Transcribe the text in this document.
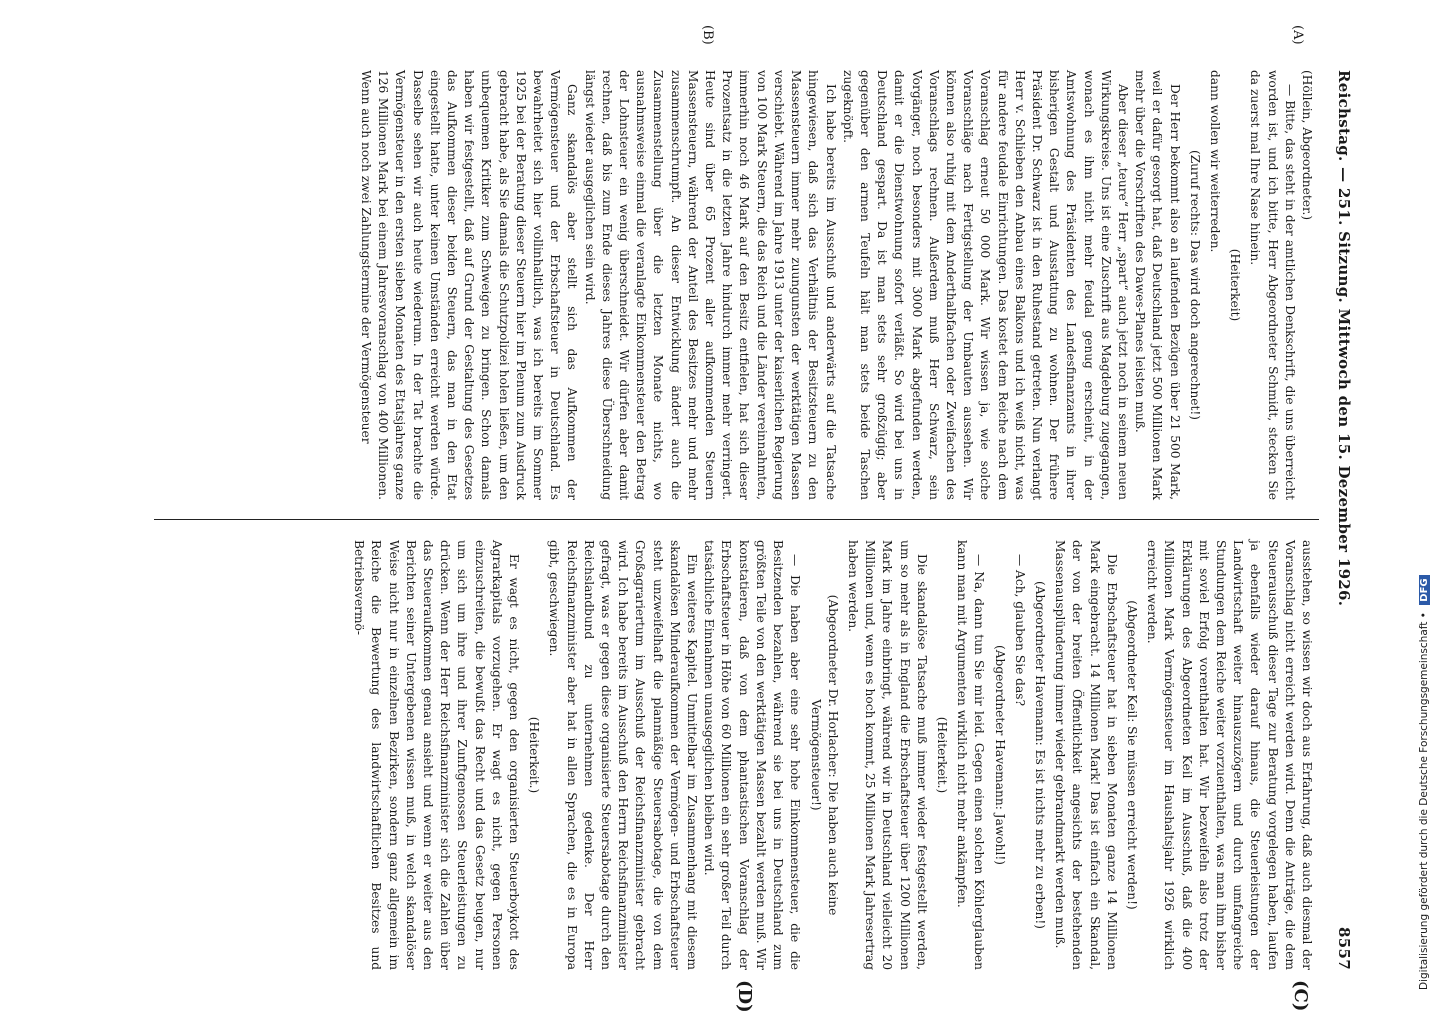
Reichstag. — 251. Sitzung. Mittwoch den 15. Dezember 1926.
8557
(A)
(B)
(C)
(D)

(Höllein, Abgeordneter.)

— Bitte, das steht in der amtlichen Denkschrift, die uns überreicht worden ist, und ich bitte, Herr Abgeordneter Schmidt, stecken Sie da zuerst mal Ihre Nase hinein.

(Heiterkeit)

dann wollen wir weiterreden.

(Zuruf rechts: Das wird doch angerechnet!)

Der Herr bekommt also an laufenden Bezügen über 21 500 Mark, weil er dafür gesorgt hat, daß Deutschland jetzt 500 Millionen Mark mehr über die Vorschriften des Dawes-Planes leisten muß.

Aber dieser „teure“ Herr „spart“ auch jetzt noch in seinem neuen Wirkungskreise. Uns ist eine Zuschrift aus Magdeburg zugegangen, wonach es ihm nicht mehr feudal genug erscheint, in der Amtswohnung des Präsidenten des Landesfinanzamts in ihrer bisherigen Gestalt und Ausstattung zu wohnen. Der frühere Präsident Dr. Schwarz ist in den Ruhestand getreten. Nun verlangt Herr v. Schlieben den Anbau eines Balkons und ich weiß nicht, was für andere feudale Einrichtungen. Das kostet dem Reiche nach dem Voranschlag erneut 50 000 Mark. Wir wissen ja, wie solche Voranschläge nach Fertigstellung der Umbauten aussehen. Wir können also ruhig mit dem Anderthalbfachen oder Zweifachen des Voranschlags rechnen. Außerdem muß Herr Schwarz, sein Vorgänger, noch besonders mit 3000 Mark abgefunden werden, damit er die Dienstwohnung sofort verläßt. So wird bei uns in Deutschland gespart. Da ist man stets sehr großzügig; aber gegenüber den armen Teufeln hält man stets beide Taschen zugeknöpft.

Ich habe bereits im Ausschuß und anderwärts auf die Tatsache hingewiesen, daß sich das Verhältnis der Besitzsteuern zu den Massensteuern immer mehr zuungunsten der werktätigen Massen verschiebt. Während im Jahre 1913 unter der kaiserlichen Regierung von 100 Mark Steuern, die das Reich und die Länder vereinnahmten, immerhin noch 46 Mark auf den Besitz entfielen, hat sich dieser Prozentsatz in die letzten Jahre hindurch immer mehr verringert. Heute sind über 65 Prozent aller aufkommenden Steuern Massensteuern, während der Anteil des Besitzes mehr und mehr zusammenschrumpft. An dieser Entwicklung ändert auch die Zusammenstellung über die letzten Monate nichts, wo ausnahmsweise einmal die veranlagte Einkommensteuer den Betrag der Lohnsteuer ein wenig überschneidet. Wir dürfen aber damit rechnen, daß bis zum Ende dieses Jahres diese Überschneidung längst wieder ausgeglichen sein wird.

Ganz skandalös aber stellt sich das Aufkommen der Vermögensteuer und der Erbschaftsteuer in Deutschland. Es bewahrheitet sich hier vollinhaltlich, was ich bereits im Sommer 1925 bei der Beratung dieser Steuern hier im Plenum zum Ausdruck gebracht habe, als Sie damals die Schutzpolizei holen ließen, um den unbequemen Kritiker zum Schweigen zu bringen. Schon damals haben wir festgestellt, daß auf Grund der Gestaltung des Gesetzes das Aufkommen dieser beiden Steuern, das man in den Etat eingestellt hatte, unter keinen Umständen erreicht werden würde. Dasselbe sehen wir auch heute wiederum. In der Tat brachte die Vermögensteuer in den ersten sieben Monaten des Etatsjahres ganze 126 Millionen Mark bei einem Jahresvoranschlag von 400 Millionen. Wenn auch noch zwei Zahlungstermine der Vermögensteuer

ausstehen, so wissen wir doch aus Erfahrung, daß auch diesmal der Voranschlag nicht erreicht werden wird. Denn die Anträge, die dem Steuerausschuß dieser Tage zur Beratung vorgelegen haben, laufen ja ebenfalls wieder darauf hinaus, die Steuerleistungen der Landwirtschaft weiter hinauszuzögern und durch umfangreiche Stundungen dem Reiche weiter vorzuenthalten, was man ihm bisher mit soviel Erfolg vorenthalten hat. Wir bezweifeln also trotz der Erklärungen des Abgeordneten Keil im Ausschuß, daß die 400 Millionen Mark Vermögensteuer im Haushaltsjahr 1926 wirklich erreicht werden.

(Abgeordneter Keil: Sie müssen erreicht werden!)

Die Erbschaftsteuer hat in sieben Monaten ganze 14 Millionen Mark eingebracht. 14 Millionen Mark! Das ist einfach ein Skandal, der von der breiten Öffentlichkeit angesichts der bestehenden Massenausplünderung immer wieder gebrandmarkt werden muß.

(Abgeordneter Havemann: Es ist nichts mehr zu erben!)

— Ach, glauben Sie das?

(Abgeordneter Havemann: Jawohl!)

— Na, dann tun Sie mir leid. Gegen einen solchen Köhlerglauben kann man mit Argumenten wirklich nicht mehr ankämpfen.

(Heiterkeit.)

Die skandalöse Tatsache muß immer wieder festgestellt werden, um so mehr als in England die Erbschaftsteuer über 1200 Millionen Mark im Jahre einbringt, während wir in Deutschland vielleicht 20 Millionen und, wenn es hoch kommt, 25 Millionen Mark Jahresertrag haben werden.

(Abgeordneter Dr. Horlacher: Die haben auch keine Vermögensteuer!)

— Die haben aber eine sehr hohe Einkommensteuer, die die Besitzenden bezahlen, während sie bei uns in Deutschland zum größten Teile von den werktätigen Massen bezahlt werden muß. Wir konstatieren, daß von dem phantastischen Voranschlag der Erbschaftsteuer in Höhe von 60 Millionen ein sehr großer Teil durch tatsächliche Einnahmen unausgeglichen bleiben wird.

Ein weiteres Kapitel. Unmittelbar im Zusammenhang mit diesem skandalösen Minderaufkommen der Vermögen- und Erbschaftsteuer steht unzweifelhaft die planmäßige Steuersabotage, die von dem Großagrariertum im Ausschuß der Reichsfinanzminister gebracht wird. Ich habe bereits im Ausschuß den Herrn Reichsfinanzminister gefragt, was er gegen diese organisierte Steuersabotage durch den Reichslandbund zu unternehmen gedenke. Der Herr Reichsfinanzminister aber hat in allen Sprachen, die es in Europa gibt, geschwiegen.

(Heiterkeit.)

Er wagt es nicht, gegen den organisierten Steuerboykott des Agrarkapitals vorzugehen. Er wagt es nicht, gegen Personen einzuschreiten, die bewußt das Recht und das Gesetz beugen, nur um sich um ihre und ihrer Zunftgenossen Steuerleistungen zu drücken. Wenn der Herr Reichsfinanzminister sich die Zahlen über das Steueraufkommen genau ansieht und wenn er weiter aus den Berichten seiner Untergebenen wissen muß, in welch skandalöser Weise nicht nur in einzelnen Bezirken, sondern ganz allgemein im Reiche die Bewertung des landwirtschaftlichen Besitzes und Betriebsvermö-

Digitalisierung gefördert durch die Deutsche Forschungsgemeinschaft • DFG
